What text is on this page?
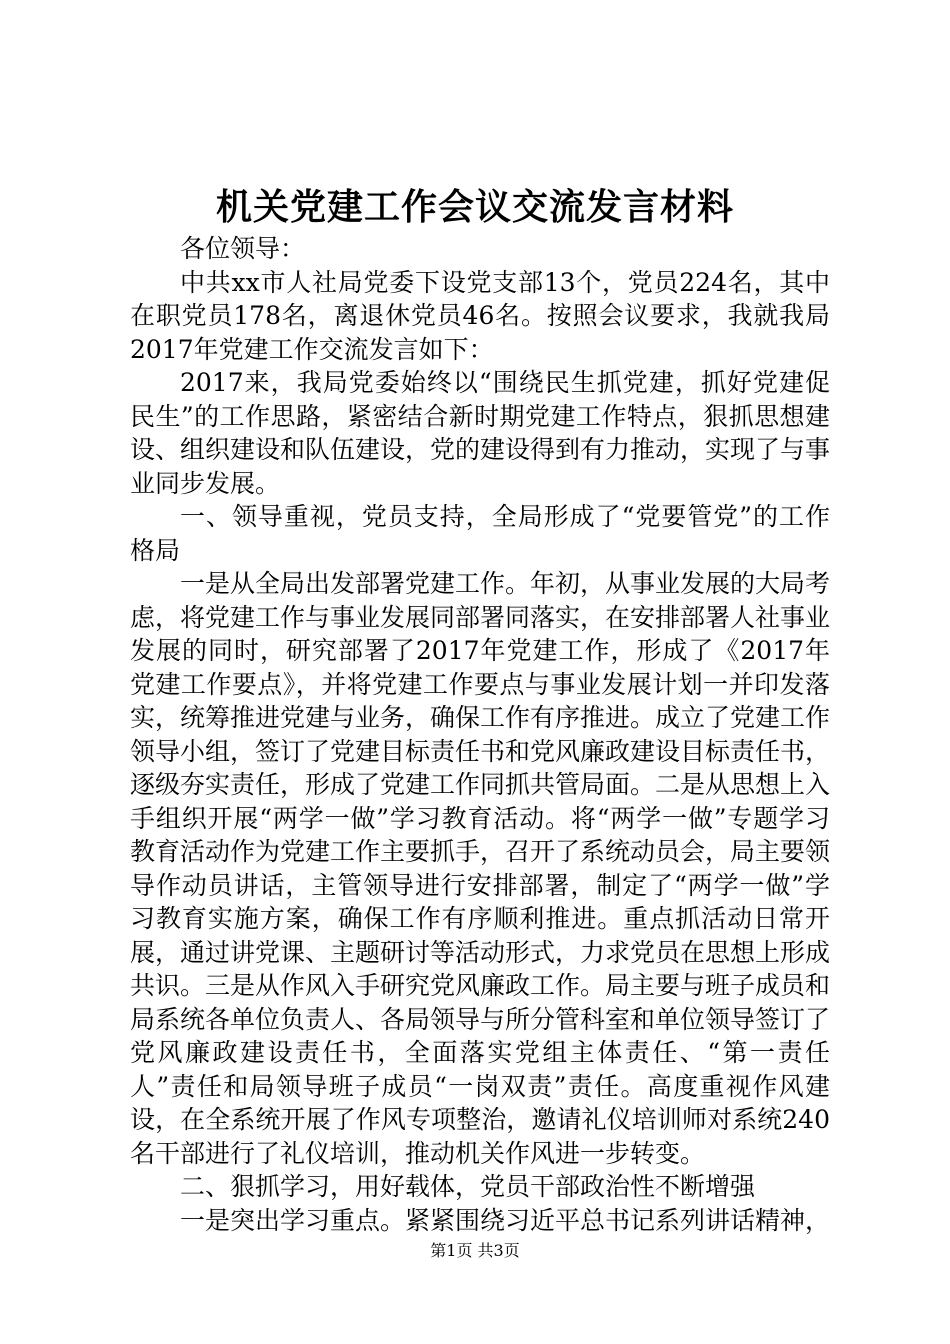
机关党建工作会议交流发言材料

各位领导：

中共xx市人社局党委下设党支部13个，党员224名，其中在职党员178名，离退休党员46名。按照会议要求，我就我局2017年党建工作交流发言如下：

2017来，我局党委始终以“围绕民生抓党建，抓好党建促民生”的工作思路，紧密结合新时期党建工作特点，狠抓思想建设、组织建设和队伍建设，党的建设得到有力推动，实现了与事业同步发展。

一、领导重视，党员支持，全局形成了“党要管党”的工作格局

一是从全局出发部署党建工作。年初，从事业发展的大局考虑，将党建工作与事业发展同部署同落实，在安排部署人社事业发展的同时，研究部署了2017年党建工作，形成了《2017年党建工作要点》，并将党建工作要点与事业发展计划一并印发落实，统筹推进党建与业务，确保工作有序推进。成立了党建工作领导小组，签订了党建目标责任书和党风廉政建设目标责任书，逐级夯实责任，形成了党建工作同抓共管局面。二是从思想上入手组织开展“两学一做”学习教育活动。将“两学一做”专题学习教育活动作为党建工作主要抓手，召开了系统动员会，局主要领导作动员讲话，主管领导进行安排部署，制定了“两学一做”学习教育实施方案，确保工作有序顺利推进。重点抓活动日常开展，通过讲党课、主题研讨等活动形式，力求党员在思想上形成共识。三是从作风入手研究党风廉政工作。局主要与班子成员和局系统各单位负责人、各局领导与所分管科室和单位领导签订了党风廉政建设责任书，全面落实党组主体责任、“第一责任人”责任和局领导班子成员“一岗双责”责任。高度重视作风建设，在全系统开展了作风专项整治，邀请礼仪培训师对系统240名干部进行了礼仪培训，推动机关作风进一步转变。

二、狠抓学习，用好载体，党员干部政治性不断增强

一是突出学习重点。紧紧围绕习近平总书记系列讲话精神，

第1页 共3页
